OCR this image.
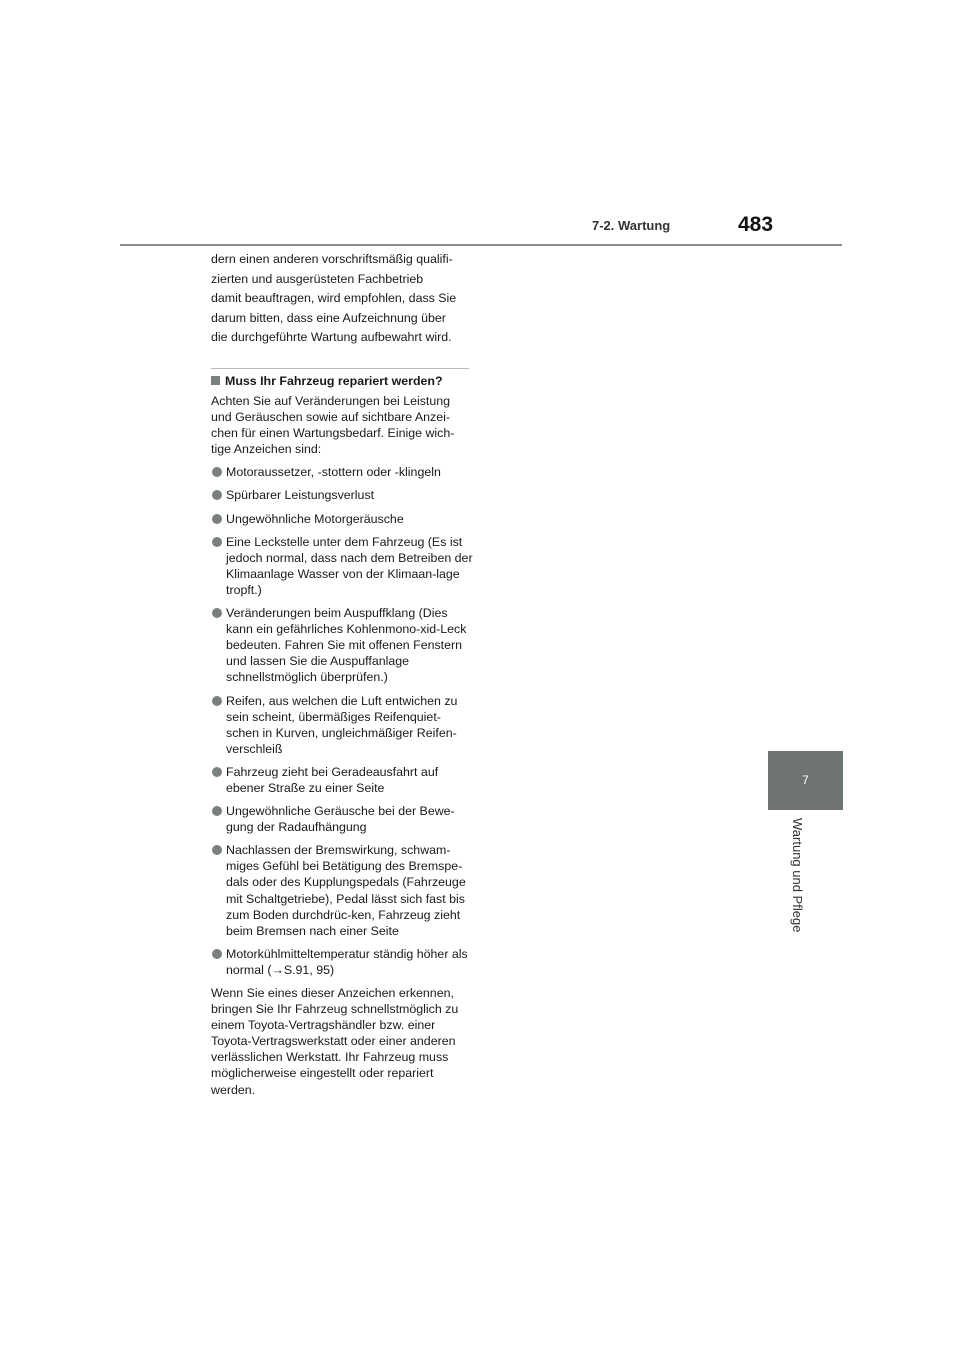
7-2. Wartung	483
7
Wartung und Pflege

dern einen anderen vorschriftsmäßig qualifi-

zierten und ausgerüsteten Fachbetrieb

damit beauftragen, wird empfohlen, dass Sie

darum bitten, dass eine Aufzeichnung über

die durchgeführte Wartung aufbewahrt wird.

Muss Ihr Fahrzeug repariert werden?

Achten Sie auf Veränderungen bei Leistung und Geräuschen sowie auf sichtbare Anzei-chen für einen Wartungsbedarf. Einige wich-tige Anzeichen sind:

Motoraussetzer, -stottern oder -klingeln
Spürbarer Leistungsverlust
Ungewöhnliche Motorgeräusche
Eine Leckstelle unter dem Fahrzeug (Es ist jedoch normal, dass nach dem Betreiben der Klimaanlage Wasser von der Klimaan-lage tropft.)
Veränderungen beim Auspuffklang (Dies kann ein gefährliches Kohlenmono-xid-Leck bedeuten. Fahren Sie mit offenen Fenstern und lassen Sie die Auspuffanlage schnellstmöglich überprüfen.)
Reifen, aus welchen die Luft entwichen zu sein scheint, übermäßiges Reifenquiet-schen in Kurven, ungleichmäßiger Reifen-verschleiß
Fahrzeug zieht bei Geradeausfahrt auf ebener Straße zu einer Seite
Ungewöhnliche Geräusche bei der Bewe-gung der Radaufhängung
Nachlassen der Bremswirkung, schwam-miges Gefühl bei Betätigung des Bremspe-dals oder des Kupplungspedals (Fahrzeuge mit Schaltgetriebe), Pedal lässt sich fast bis zum Boden durchdrüc-ken, Fahrzeug zieht beim Bremsen nach einer Seite
Motorkühlmitteltemperatur ständig höher als normal (→S.91, 95)

Wenn Sie eines dieser Anzeichen erkennen, bringen Sie Ihr Fahrzeug schnellstmöglich zu einem Toyota-Vertragshändler bzw. einer Toyota-Vertragswerkstatt oder einer anderen verlässlichen Werkstatt. Ihr Fahrzeug muss möglicherweise eingestellt oder repariert werden.
